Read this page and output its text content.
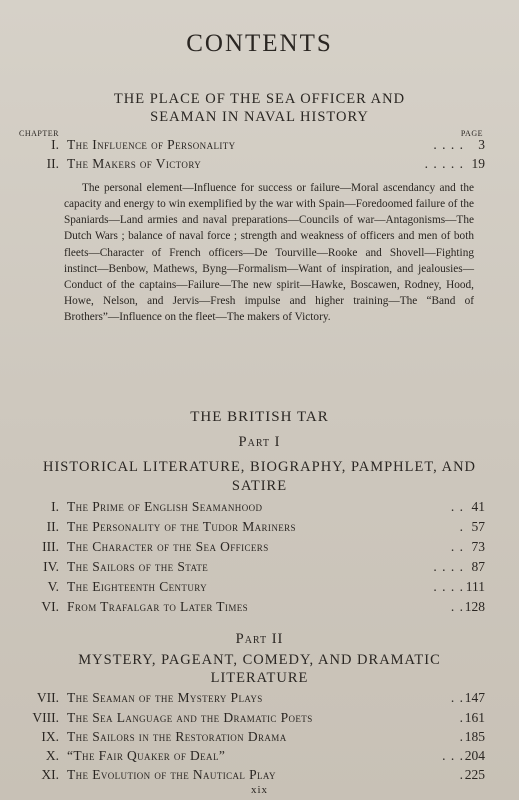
CONTENTS
THE PLACE OF THE SEA OFFICER AND
SEAMAN IN NAVAL HISTORY
CHAPTER	PAGE
I. The Influence of Personality	. . . . 3
II. The Makers of Victory	. . . . . 19

The personal element—Influence for success or failure—Moral ascendancy and the capacity and energy to win exemplified by the war with Spain—Foredoomed failure of the Spaniards—Land armies and naval preparations—Councils of war—Antagonisms—The Dutch Wars ; balance of naval force ; strength and weakness of officers and men of both fleets—Character of French officers—De Tourville—Rooke and Shovell—Fighting instinct—Benbow, Mathews, Byng—Formalism—Want of inspiration, and jealousies—Conduct of the captains—Failure—The new spirit—Hawke, Boscawen, Rodney, Hood, Howe, Nelson, and Jervis—Fresh impulse and higher training—The “Band of Brothers”—Influence on the fleet—The makers of Victory.

THE BRITISH TAR
Part I
HISTORICAL LITERATURE, BIOGRAPHY, PAMPHLET, AND
SATIRE
I. The Prime of English Seamanhood	. . 41
II. The Personality of the Tudor Mariners	. 57
III. The Character of the Sea Officers	. . 73
IV. The Sailors of the State	. . . . 87
V. The Eighteenth Century	. . . . 111
VI. From Trafalgar to Later Times	. . 128
Part II
MYSTERY, PAGEANT, COMEDY, AND DRAMATIC
LITERATURE
VII. The Seaman of the Mystery Plays	. . 147
VIII. The Sea Language and the Dramatic Poets	. 161
IX. The Sailors in the Restoration Drama	. 185
X. “The Fair Quaker of Deal”	. . . 204
XI. The Evolution of the Nautical Play	. 225
xix
